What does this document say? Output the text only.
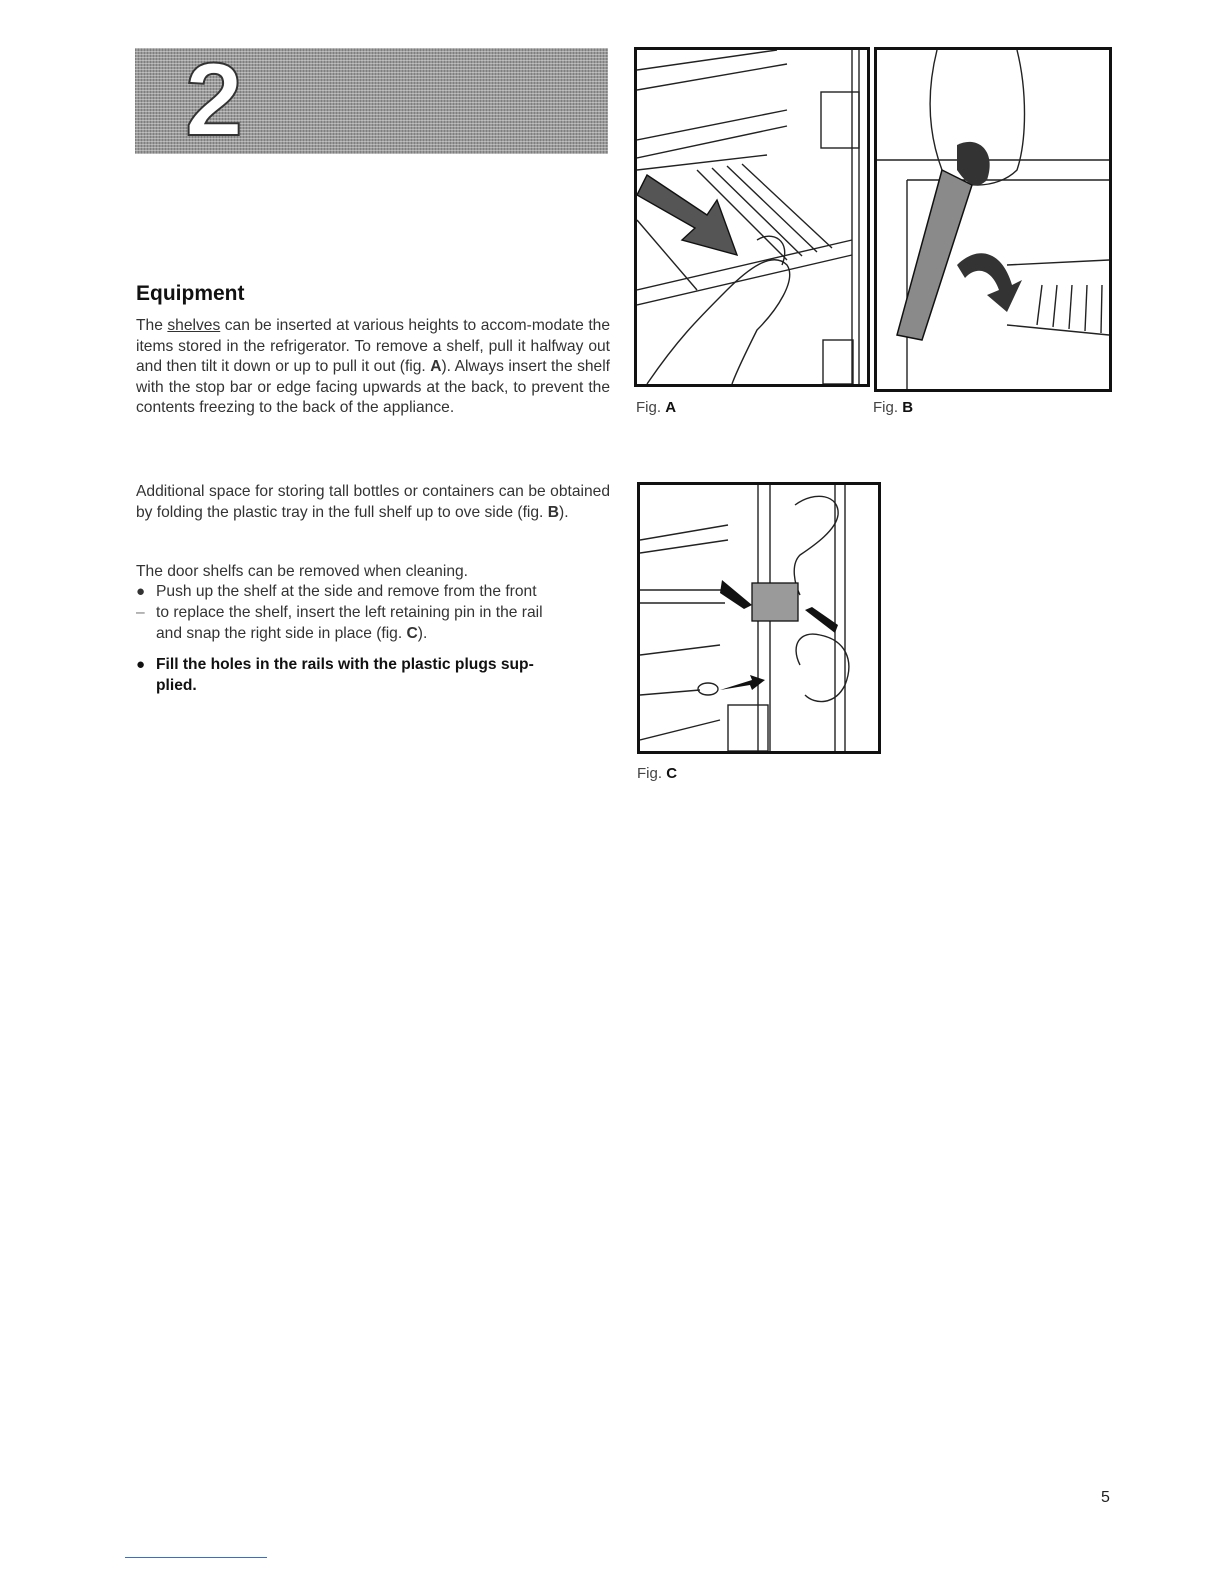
2
Equipment

The shelves can be inserted at various heights to accom-modate the items stored in the refrigerator. To remove a shelf, pull it halfway out and then tilt it down or up to pull it out (fig. A). Always insert the shelf with the stop bar or edge facing upwards at the back, to prevent the contents freezing to the back of the appliance.

Additional space for storing tall bottles or containers can be obtained by folding the plastic tray in the full shelf up to ove side (fig. B).

The door shelfs can be removed when cleaning.

● Push up the shelf at the side and remove from the front
– to replace the shelf, insert the left retaining pin in the rail
and snap the right side in place (fig. C).
● Fill the holes in the rails with the plastic plugs sup-
plied.
Fig. A	Fig. B
Fig. C
5
